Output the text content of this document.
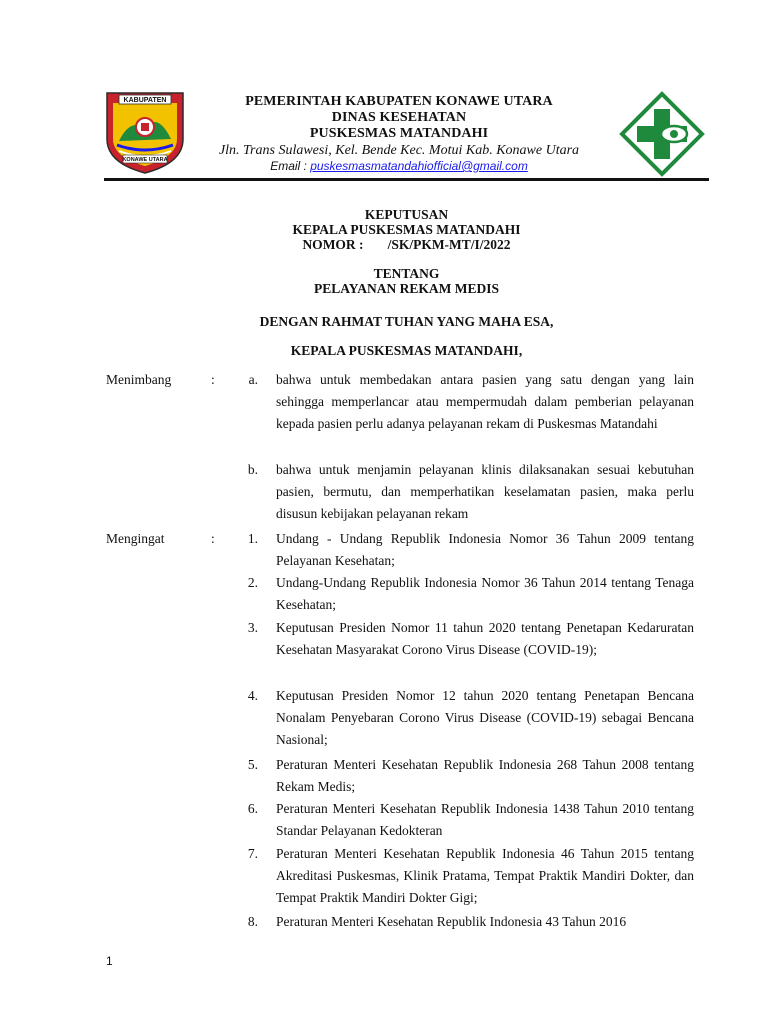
KABUPATEN
KONAWE UTARA
PEMERINTAH KABUPATEN KONAWE UTARA
DINAS KESEHATAN
PUSKESMAS MATANDAHI
Jln. Trans Sulawesi, Kel. Bende Kec. Motui Kab. Konawe Utara
Email : puskesmasmatandahiofficial@gmail.com
KEPUTUSAN
KEPALA PUSKESMAS MATANDAHI
NOMOR : /SK/PKM-MT/I/2022
TENTANG
PELAYANAN REKAM MEDIS
DENGAN RAHMAT TUHAN YANG MAHA ESA,
KEPALA PUSKESMAS MATANDAHI,
Menimbang	:	a. bahwa untuk membedakan antara pasien yang satu dengan yang lain sehingga memperlancar atau mempermudah dalam pemberian pelayanan kepada pasien perlu adanya pelayanan rekam di Puskesmas Matandahi
b. bahwa untuk menjamin pelayanan klinis dilaksanakan sesuai kebutuhan pasien, bermutu, dan memperhatikan keselamatan pasien, maka perlu disusun kebijakan pelayanan rekam
Mengingat	:	1. Undang - Undang Republik Indonesia Nomor 36 Tahun 2009 tentang Pelayanan Kesehatan;
2. Undang-Undang Republik Indonesia Nomor 36 Tahun 2014 tentang Tenaga Kesehatan;
3. Keputusan Presiden Nomor 11 tahun 2020 tentang Penetapan Kedaruratan Kesehatan Masyarakat Corono Virus Disease (COVID-19);
4. Keputusan Presiden Nomor 12 tahun 2020 tentang Penetapan Bencana Nonalam Penyebaran Corono Virus Disease (COVID-19) sebagai Bencana Nasional;
5. Peraturan Menteri Kesehatan Republik Indonesia 268 Tahun 2008 tentang Rekam Medis;
6. Peraturan Menteri Kesehatan Republik Indonesia 1438 Tahun 2010 tentang Standar Pelayanan Kedokteran
7. Peraturan Menteri Kesehatan Republik Indonesia 46 Tahun 2015 tentang Akreditasi Puskesmas, Klinik Pratama, Tempat Praktik Mandiri Dokter, dan Tempat Praktik Mandiri Dokter Gigi;
8. Peraturan Menteri Kesehatan Republik Indonesia 43 Tahun 2016
1
